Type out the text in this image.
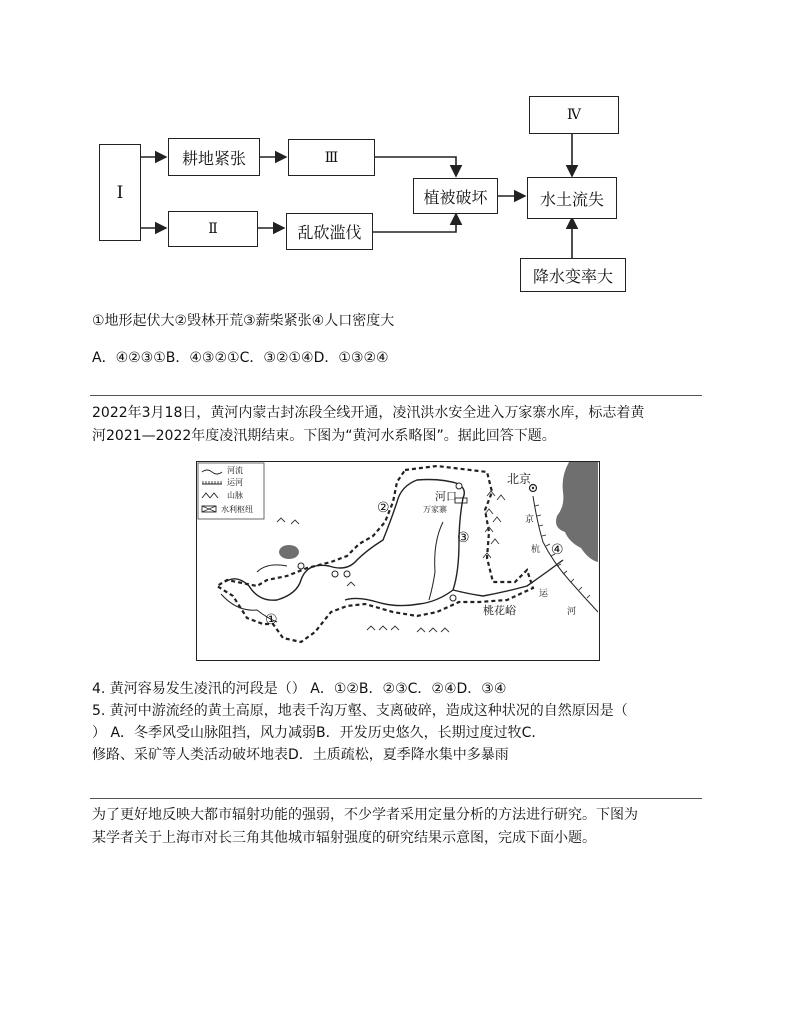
Ⅰ
耕地紧张
Ⅱ
Ⅲ
乱砍滥伐
植被破坏
Ⅳ
水土流失
降水变率大
①地形起伏大②毁林开荒③薪柴紧张④人口密度大
A．④②③①B．④③②①C．③②①④D．①③②④
2022年3月18日，黄河内蒙古封冻段全线开通，凌汛洪水安全进入万家寨水库，标志着黄
河2021—2022年度凌汛期结束。下图为“黄河水系略图”。据此回答下题。
河流
运河
山脉
水利枢纽
北京
河口
万家寨
桃花峪
②
③
④
①
京
杭
运
河
4. 黄河容易发生凌汛的河段是（） A．①②B．②③C．②④D．③④
5. 黄河中游流经的黄土高原，地表千沟万壑、支离破碎，造成这种状况的自然原因是（
） A．冬季风受山脉阻挡，风力减弱B．开发历史悠久，长期过度过牧C．
修路、采矿等人类活动破坏地表D．土质疏松，夏季降水集中多暴雨
为了更好地反映大都市辐射功能的强弱，不少学者采用定量分析的方法进行研究。下图为
某学者关于上海市对长三角其他城市辐射强度的研究结果示意图，完成下面小题。
